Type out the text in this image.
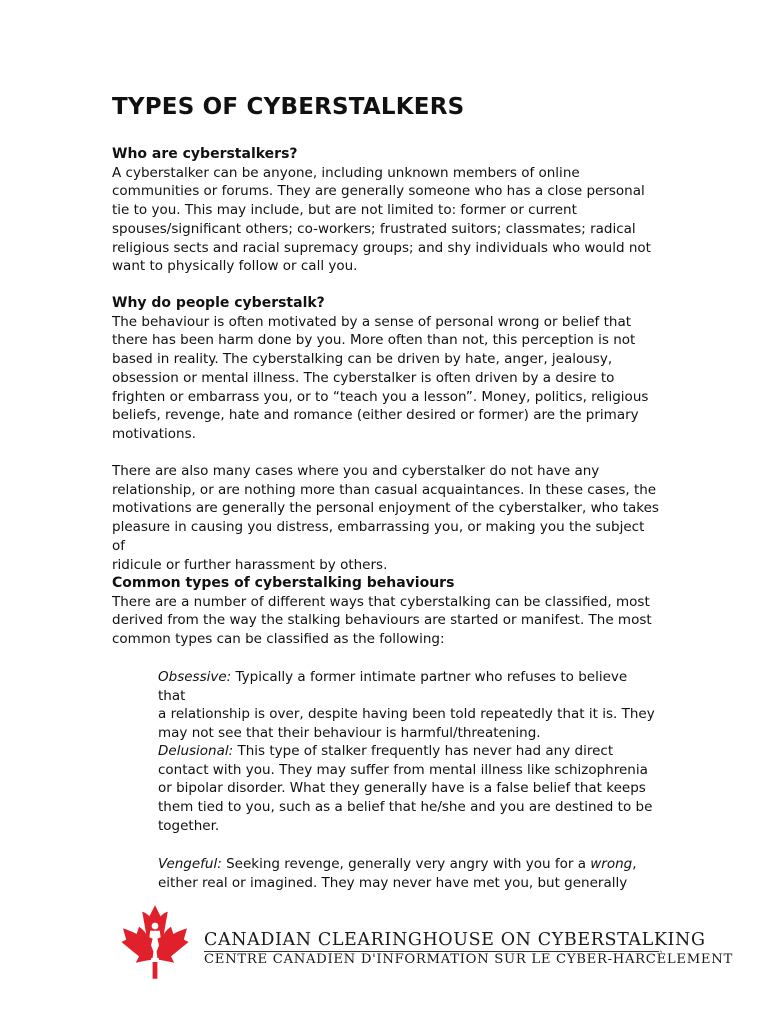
TYPES OF CYBERSTALKERS

Who are cyberstalkers?

A cyberstalker can be anyone, including unknown members of online
communities or forums. They are generally someone who has a close personal
tie to you. This may include, but are not limited to: former or current
spouses/significant others; co-workers; frustrated suitors; classmates; radical
religious sects and racial supremacy groups; and shy individuals who would not
want to physically follow or call you.

Why do people cyberstalk?

The behaviour is often motivated by a sense of personal wrong or belief that
there has been harm done by you. More often than not, this perception is not
based in reality. The cyberstalking can be driven by hate, anger, jealousy,
obsession or mental illness. The cyberstalker is often driven by a desire to
frighten or embarrass you, or to “teach you a lesson”. Money, politics, religious
beliefs, revenge, hate and romance (either desired or former) are the primary
motivations.

There are also many cases where you and cyberstalker do not have any
relationship, or are nothing more than casual acquaintances. In these cases, the
motivations are generally the personal enjoyment of the cyberstalker, who takes
pleasure in causing you distress, embarrassing you, or making you the subject of
ridicule or further harassment by others.

Common types of cyberstalking behaviours

There are a number of different ways that cyberstalking can be classified, most
derived from the way the stalking behaviours are started or manifest. The most
common types can be classified as the following:

Obsessive: Typically a former intimate partner who refuses to believe that
a relationship is over, despite having been told repeatedly that it is. They
may not see that their behaviour is harmful/threatening.

Delusional: This type of stalker frequently has never had any direct
contact with you. They may suffer from mental illness like schizophrenia
or bipolar disorder. What they generally have is a false belief that keeps
them tied to you, such as a belief that he/she and you are destined to be
together.

Vengeful: Seeking revenge, generally very angry with you for a wrong,
either real or imagined. They may never have met you, but generally

CANADIAN CLEARINGHOUSE ON CYBERSTALKING
CENTRE CANADIEN D'INFORMATION SUR LE CYBER-HARCÈLEMENT
